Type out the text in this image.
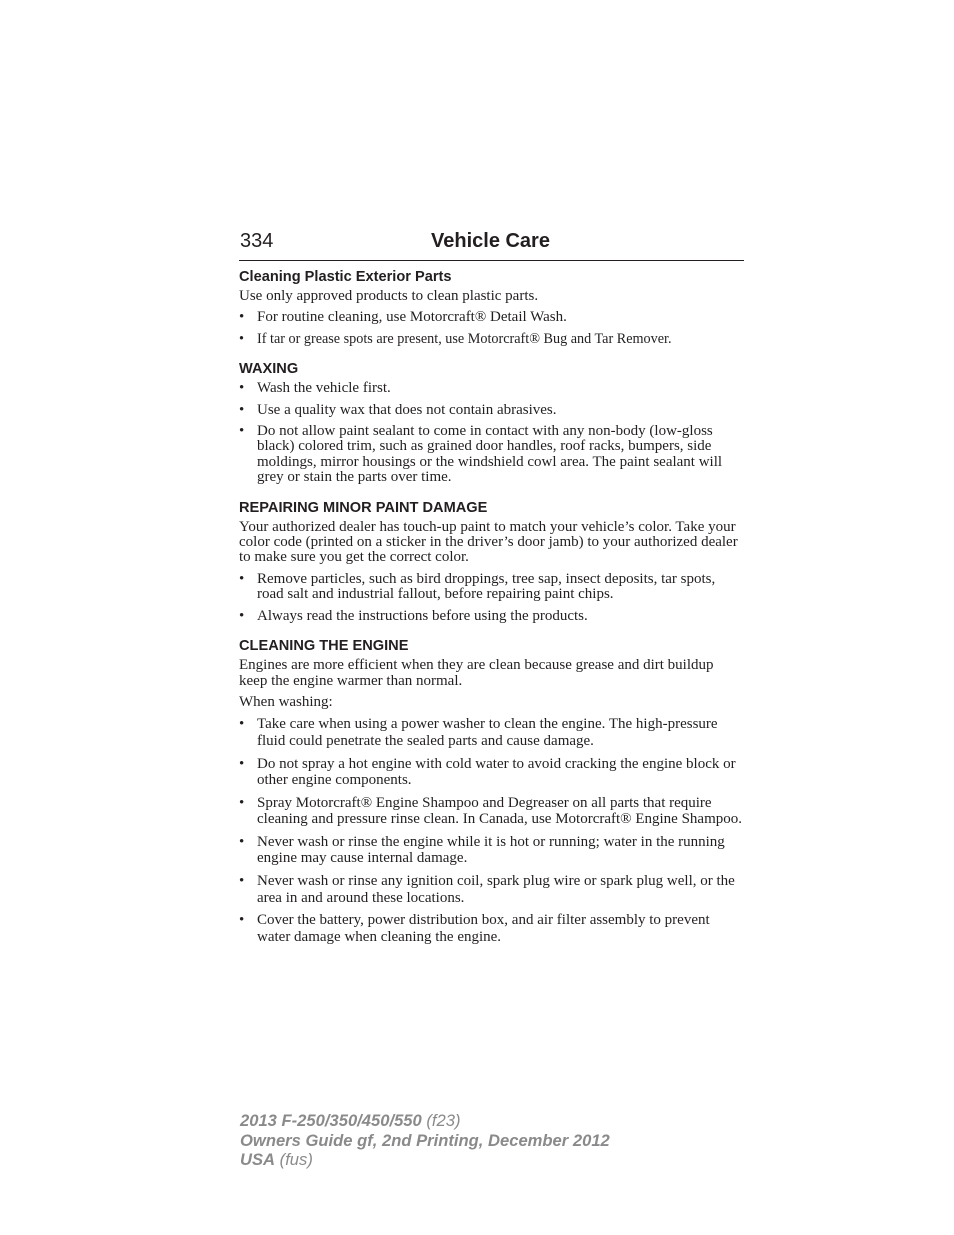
334	Vehicle Care
Cleaning Plastic Exterior Parts

Use only approved products to clean plastic parts.

• For routine cleaning, use Motorcraft® Detail Wash.
• If tar or grease spots are present, use Motorcraft® Bug and Tar Remover.
WAXING
• Wash the vehicle first.
• Use a quality wax that does not contain abrasives.
• Do not allow paint sealant to come in contact with any non-body (low-gloss black) colored trim, such as grained door handles, roof racks, bumpers, side moldings, mirror housings or the windshield cowl area. The paint sealant will grey or stain the parts over time.
REPAIRING MINOR PAINT DAMAGE

Your authorized dealer has touch-up paint to match your vehicle’s color. Take your color code (printed on a sticker in the driver’s door jamb) to your authorized dealer to make sure you get the correct color.

• Remove particles, such as bird droppings, tree sap, insect deposits, tar spots, road salt and industrial fallout, before repairing paint chips.
• Always read the instructions before using the products.
CLEANING THE ENGINE

Engines are more efficient when they are clean because grease and dirt buildup keep the engine warmer than normal.

When washing:

• Take care when using a power washer to clean the engine. The high-pressure fluid could penetrate the sealed parts and cause damage.
• Do not spray a hot engine with cold water to avoid cracking the engine block or other engine components.
• Spray Motorcraft® Engine Shampoo and Degreaser on all parts that require cleaning and pressure rinse clean. In Canada, use Motorcraft® Engine Shampoo.
• Never wash or rinse the engine while it is hot or running; water in the running engine may cause internal damage.
• Never wash or rinse any ignition coil, spark plug wire or spark plug well, or the area in and around these locations.
• Cover the battery, power distribution box, and air filter assembly to prevent water damage when cleaning the engine.
2013 F-250/350/450/550 (f23)
Owners Guide gf, 2nd Printing, December 2012
USA (fus)
